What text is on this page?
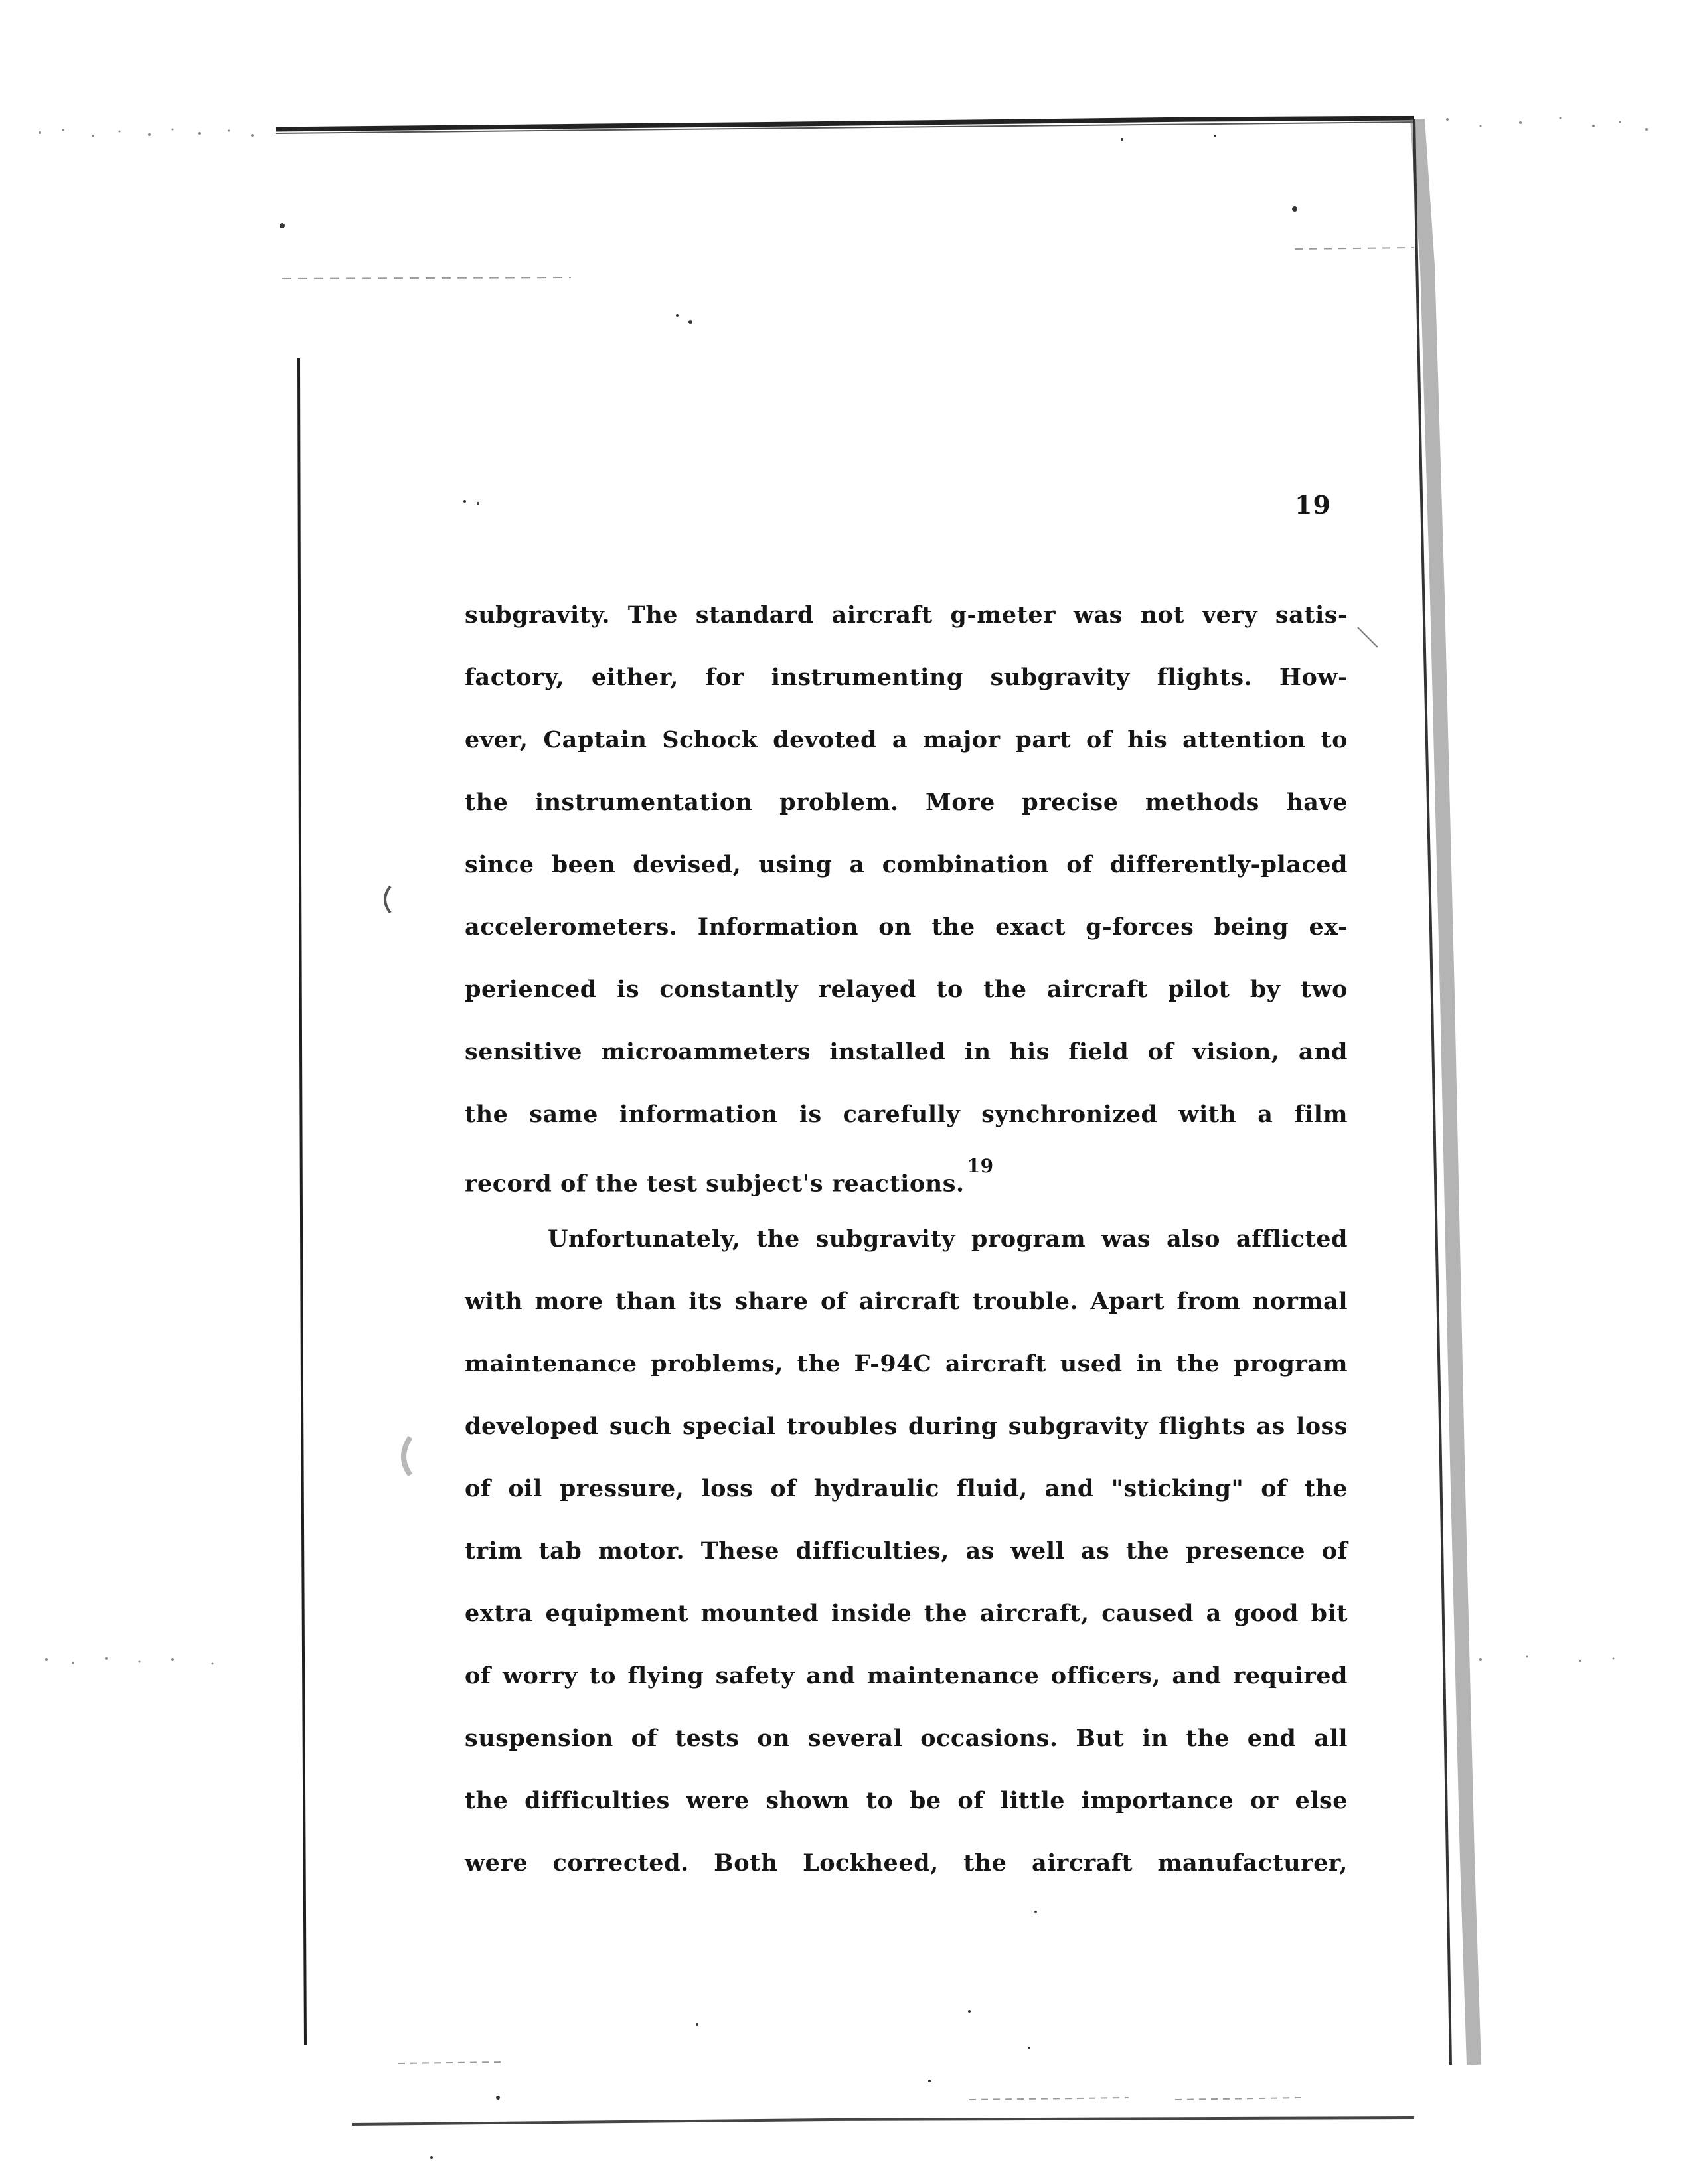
19
subgravity. The standard aircraft g-meter was not very satis-
factory, either, for instrumenting subgravity flights. How-
ever, Captain Schock devoted a major part of his attention to
the instrumentation problem. More precise methods have
since been devised, using a combination of differently-placed
accelerometers. Information on the exact g-forces being ex-
perienced is constantly relayed to the aircraft pilot by two
sensitive microammeters installed in his field of vision, and
the same information is carefully synchronized with a film
record of the test subject's reactions.$^{19}$
Unfortunately, the subgravity program was also afflicted
with more than its share of aircraft trouble. Apart from normal
maintenance problems, the F-94C aircraft used in the program
developed such special troubles during subgravity flights as loss
of oil pressure, loss of hydraulic fluid, and "sticking" of the
trim tab motor. These difficulties, as well as the presence of
extra equipment mounted inside the aircraft, caused a good bit
of worry to flying safety and maintenance officers, and required
suspension of tests on several occasions. But in the end all
the difficulties were shown to be of little importance or else
were corrected. Both Lockheed, the aircraft manufacturer,
